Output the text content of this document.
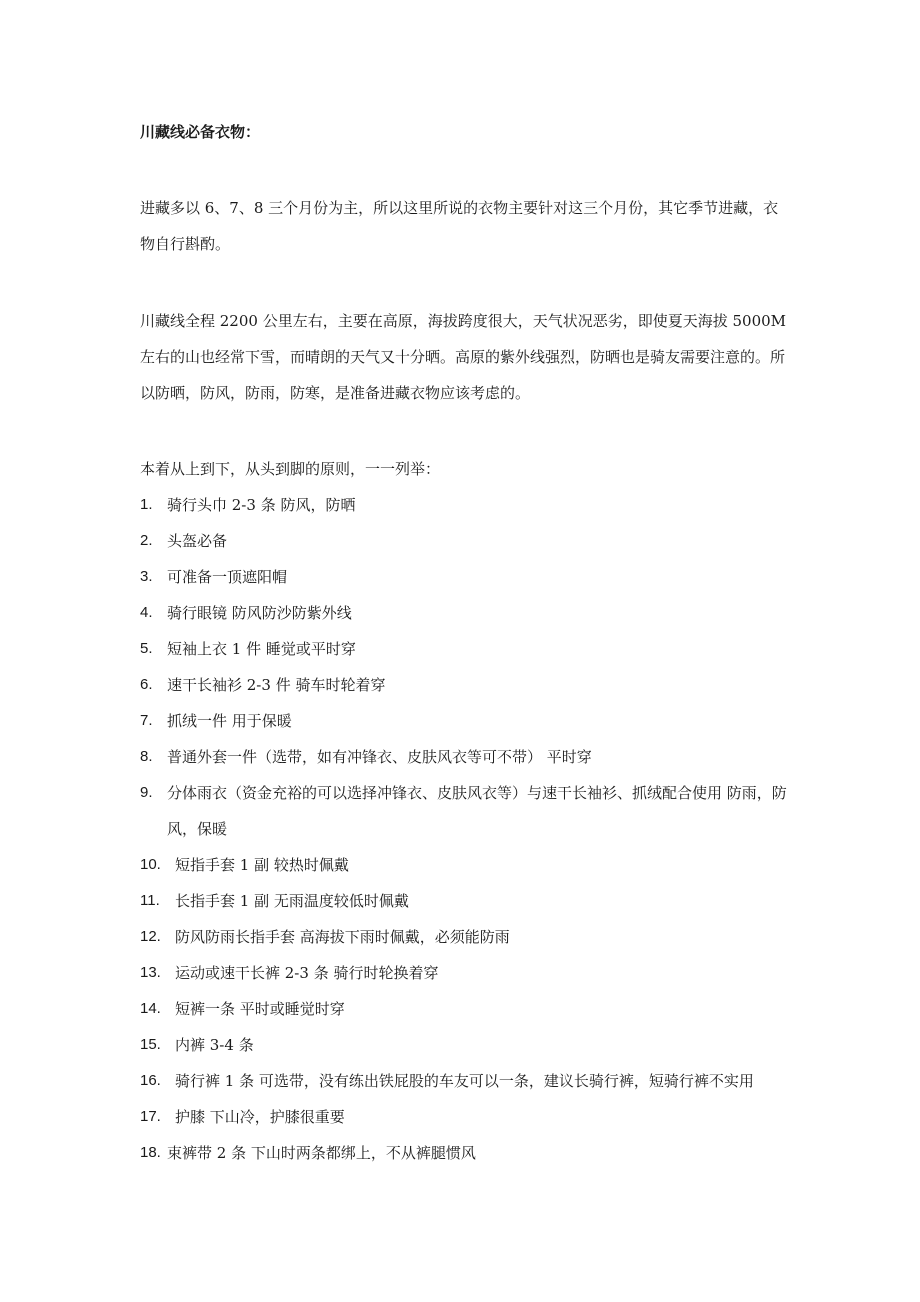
川藏线必备衣物：

进藏多以 6、7、8 三个月份为主，所以这里所说的衣物主要针对这三个月份，其它季节进藏，衣物自行斟酌。

川藏线全程 2200 公里左右，主要在高原，海拔跨度很大，天气状况恶劣，即使夏天海拔 5000M 左右的山也经常下雪，而晴朗的天气又十分晒。高原的紫外线强烈，防晒也是骑友需要注意的。所以防晒，防风，防雨，防寒，是准备进藏衣物应该考虑的。

本着从上到下，从头到脚的原则，一一列举：
1. 骑行头巾 2-3 条 防风，防晒
2. 头盔必备
3. 可准备一顶遮阳帽
4. 骑行眼镜 防风防沙防紫外线
5. 短袖上衣 1 件 睡觉或平时穿
6. 速干长袖衫 2-3 件 骑车时轮着穿
7. 抓绒一件 用于保暖
8. 普通外套一件（选带，如有冲锋衣、皮肤风衣等可不带） 平时穿
9. 分体雨衣（资金充裕的可以选择冲锋衣、皮肤风衣等）与速干长袖衫、抓绒配合使用 防雨，防风，保暖
10. 短指手套 1 副 较热时佩戴
11.	长指手套 1 副 无雨温度较低时佩戴
12. 防风防雨长指手套 高海拔下雨时佩戴，必须能防雨
13. 运动或速干长裤 2-3 条 骑行时轮换着穿
14. 短裤一条 平时或睡觉时穿
15. 内裤 3-4 条
16. 骑行裤 1 条 可选带，没有练出铁屁股的车友可以一条，建议长骑行裤，短骑行裤不实用
17. 护膝 下山冷，护膝很重要
18. 束裤带 2 条 下山时两条都绑上，不从裤腿惯风
